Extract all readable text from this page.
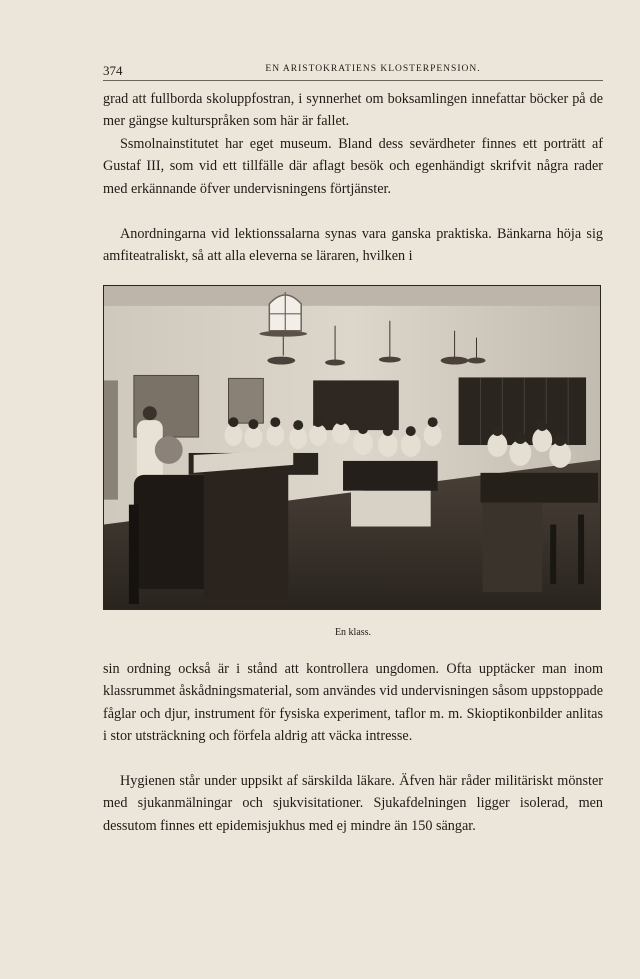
374	EN ARISTOKRATIENS KLOSTERPENSION.

grad att fullborda skoluppfostran, i synnerhet om boksamlingen innefattar böcker på de mer gängse kulturspråken som här är fallet.

Ssmolnainstitutet har eget museum. Bland dess sevärdheter finnes ett porträtt af Gustaf III, som vid ett tillfälle där aflagt besök och egenhändigt skrifvit några rader med erkännande öfver undervisningens förtjänster.

Anordningarna vid lektionssalarna synas vara ganska praktiska. Bänkarna höja sig amfiteatraliskt, så att alla eleverna se läraren, hvilken i

En klass.

sin ordning också är i stånd att kontrollera ungdomen. Ofta upptäcker man inom klassrummet åskådningsmaterial, som användes vid undervisningen såsom uppstoppade fåglar och djur, instrument för fysiska experiment, taflor m. m. Skioptikonbilder anlitas i stor utsträckning och förfela aldrig att väcka intresse.

Hygienen står under uppsikt af särskilda läkare. Äfven här råder militäriskt mönster med sjukanmälningar och sjukvisitationer. Sjukafdelningen ligger isolerad, men dessutom finnes ett epidemisjukhus med ej mindre än 150 sängar.
